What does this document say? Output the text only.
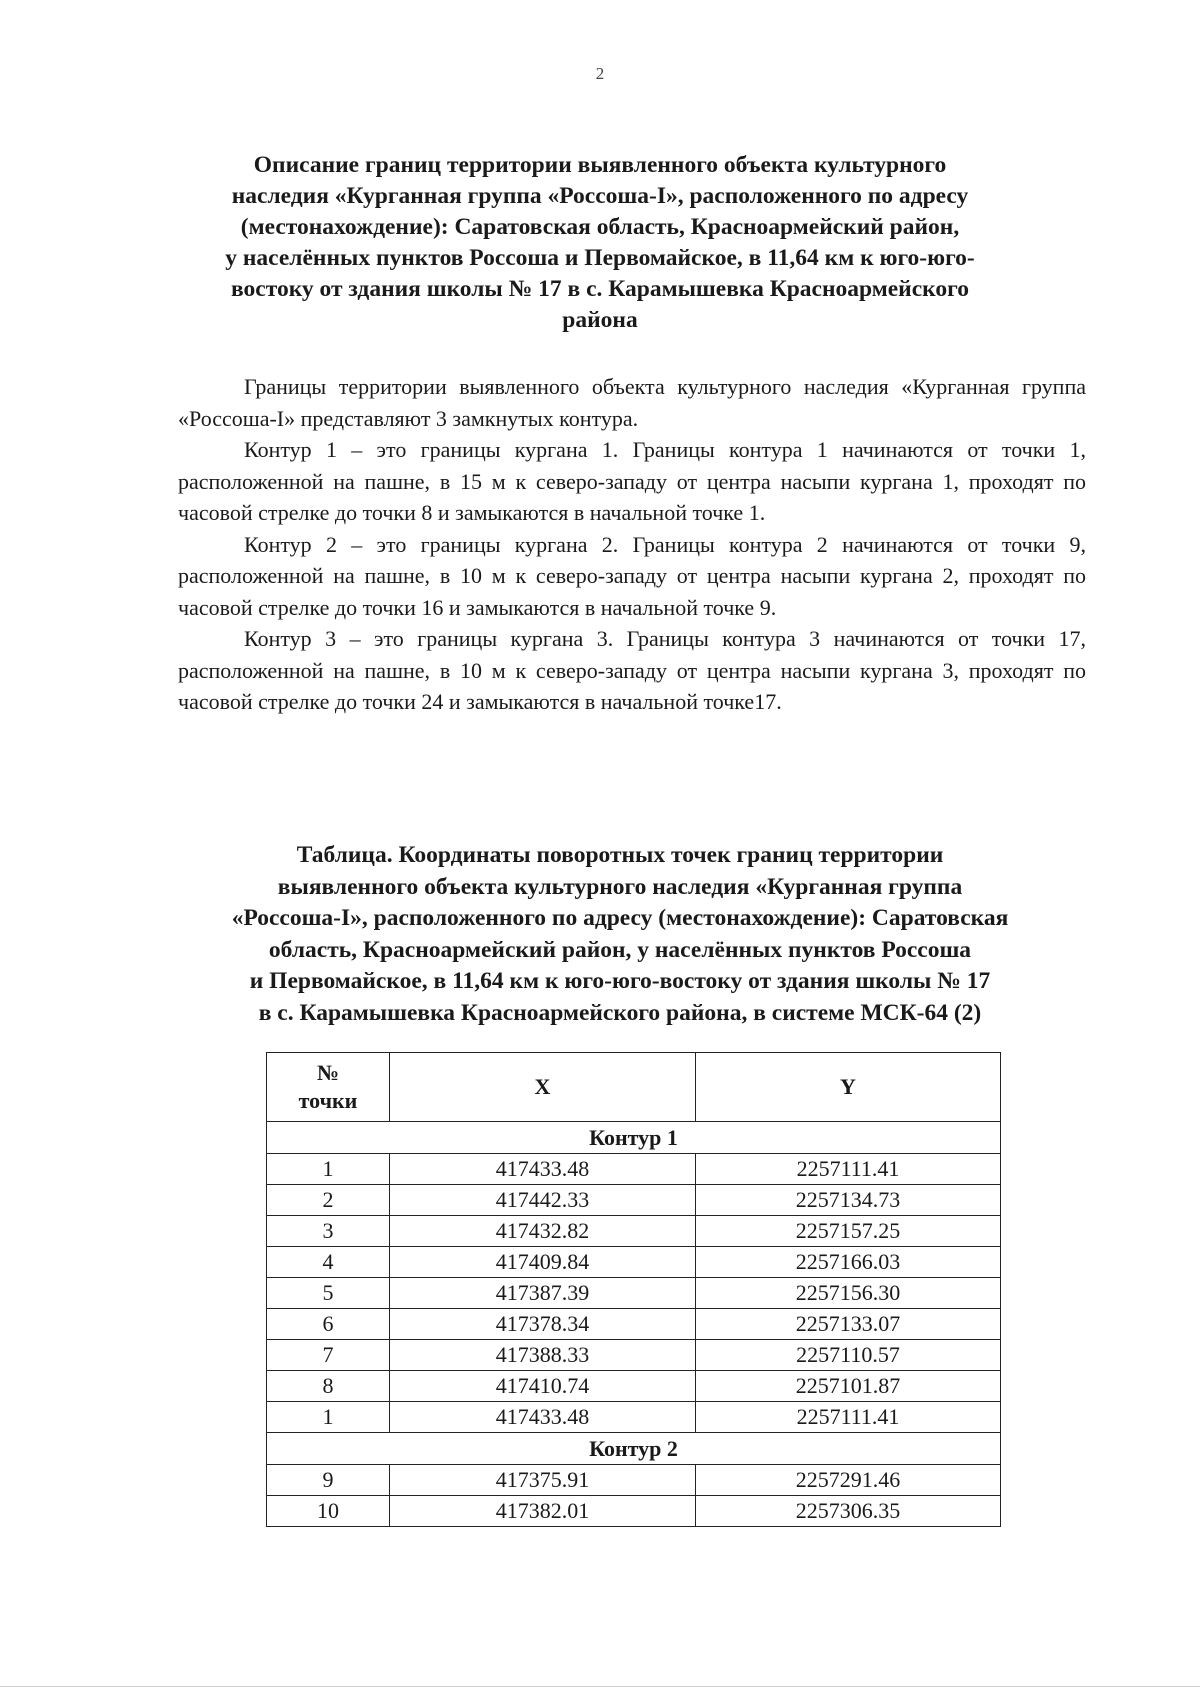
2
Описание границ территории выявленного объекта культурного
наследия «Курганная группа «Россоша-I», расположенного по адресу
(местонахождение): Саратовская область, Красноармейский район,
у населённых пунктов Россоша и Первомайское, в 11,64 км к юго-юго-
востоку от здания школы № 17 в с. Карамышевка Красноармейского
района

Границы территории выявленного объекта культурного наследия «Курганная группа «Россоша-I» представляют 3 замкнутых контура.

Контур 1 – это границы кургана 1. Границы контура 1 начинаются от точки 1, расположенной на пашне, в 15 м к северо-западу от центра насыпи кургана 1, проходят по часовой стрелке до точки 8 и замыкаются в начальной точке 1.

Контур 2 – это границы кургана 2. Границы контура 2 начинаются от точки 9, расположенной на пашне, в 10 м к северо-западу от центра насыпи кургана 2, проходят по часовой стрелке до точки 16 и замыкаются в начальной точке 9.

Контур 3 – это границы кургана 3. Границы контура 3 начинаются от точки 17, расположенной на пашне, в 10 м к северо-западу от центра насыпи кургана 3, проходят по часовой стрелке до точки 24 и замыкаются в начальной точке17.

Таблица. Координаты поворотных точек границ территории
выявленного объекта культурного наследия «Курганная группа
«Россоша-I», расположенного по адресу (местонахождение): Саратовская
область, Красноармейский район, у населённых пунктов Россоша
и Первомайское, в 11,64 км к юго-юго-востоку от здания школы № 17
в с. Карамышевка Красноармейского района, в системе МСК-64 (2)
№
точки	X	Y
Контур 1		
1	417433.48	2257111.41
2	417442.33	2257134.73
3	417432.82	2257157.25
4	417409.84	2257166.03
5	417387.39	2257156.30
6	417378.34	2257133.07
7	417388.33	2257110.57
8	417410.74	2257101.87
1	417433.48	2257111.41
Контур 2		
9	417375.91	2257291.46
10	417382.01	2257306.35
